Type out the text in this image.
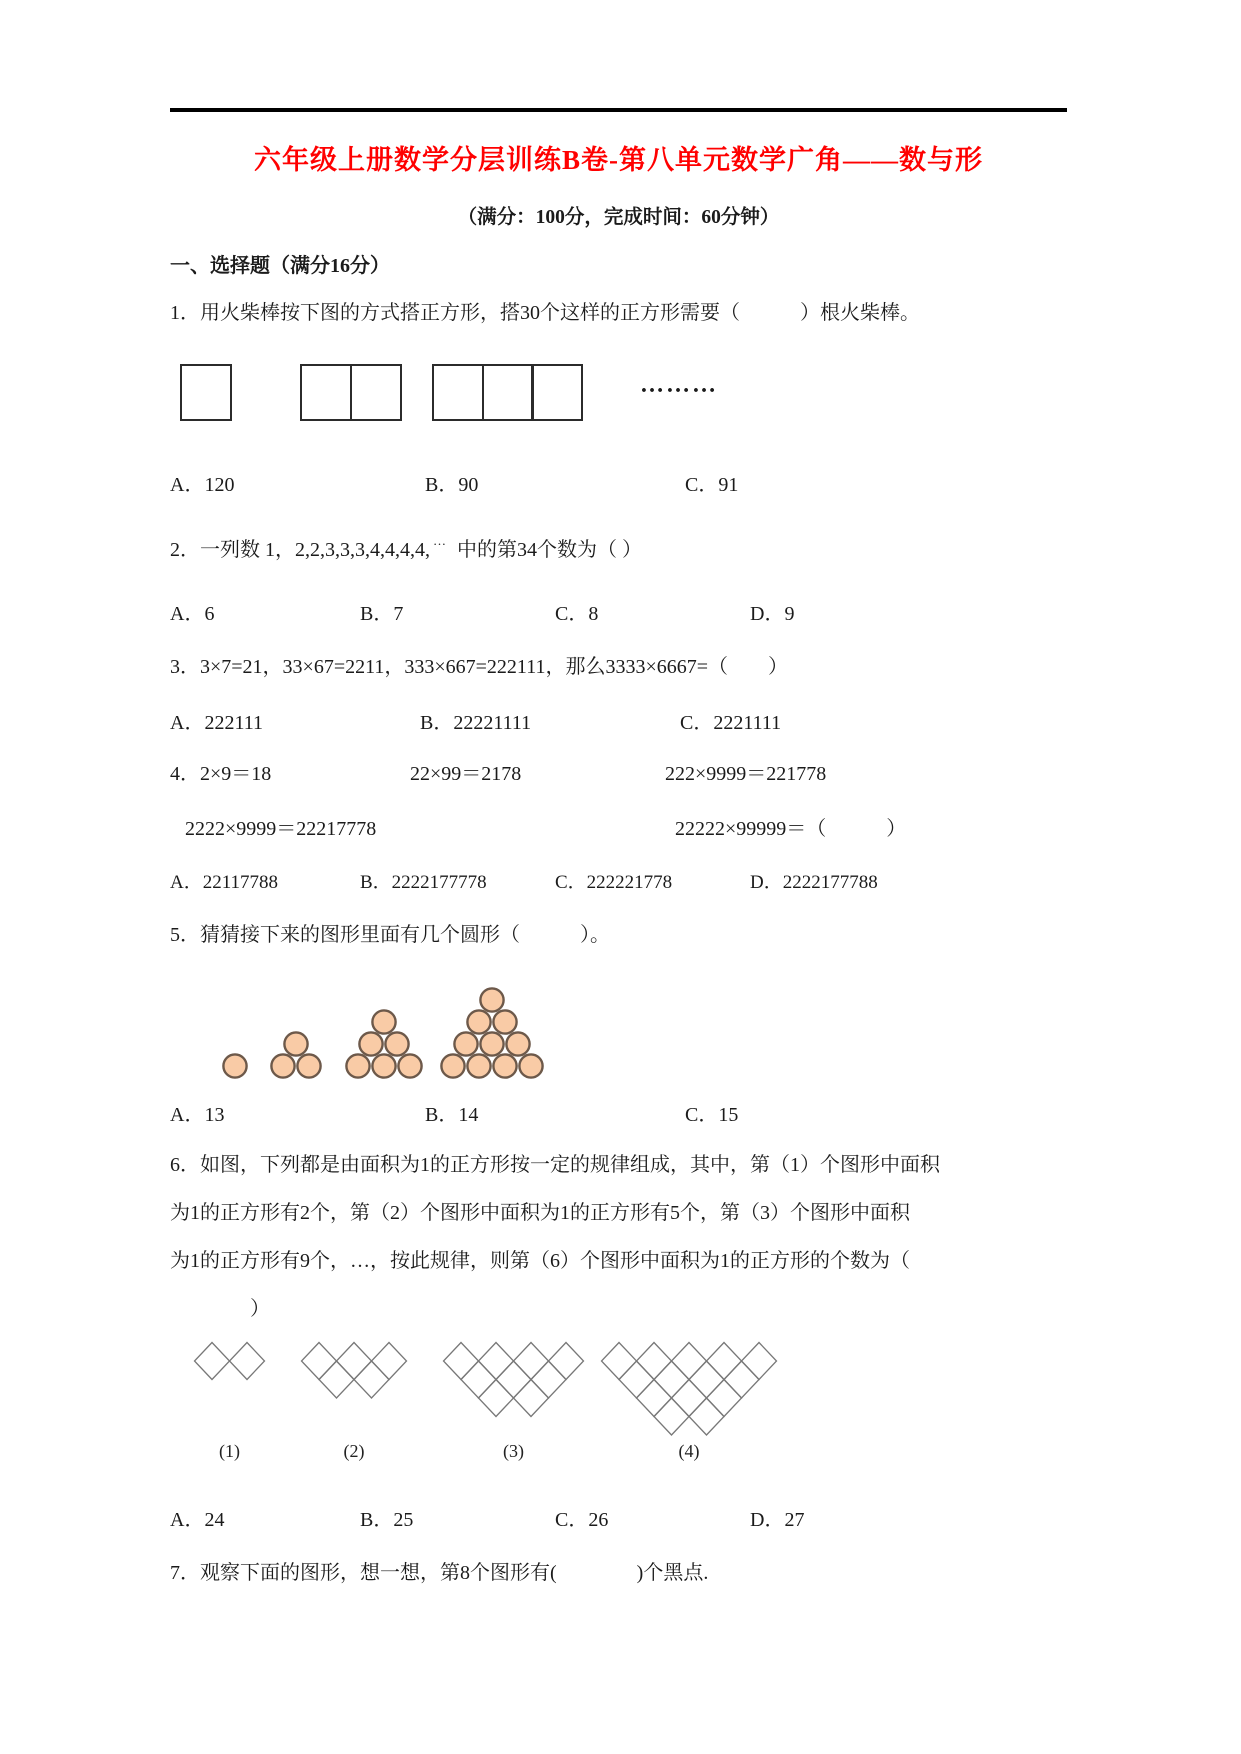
六年级上册数学分层训练B卷-第八单元数学广角——数与形
（满分：100分，完成时间：60分钟）
一、选择题（满分16分）
1．用火柴棒按下图的方式搭正方形，搭30个这样的正方形需要（　　　）根火柴棒。
………
A．120	B．90	C．91
2．一列数 1，2,2,3,3,3,4,4,4,4, … 中的第34个数为（ ）
A．6	B．7	C．8	D．9
3．3×7=21，33×67=2211，333×667=222111，那么3333×6667=（　　）
A．222111	B．22221111	C．2221111
4．2×9＝18	22×99＝2178	222×9999＝221778
2222×9999＝22217778	22222×99999＝（　　　）
A．22117788	B．2222177778	C．222221778	D．2222177788
5．猜猜接下来的图形里面有几个圆形（　　　）。
A．13	B．14	C．15
6．如图，下列都是由面积为1的正方形按一定的规律组成，其中，第（1）个图形中面积
为1的正方形有2个，第（2）个图形中面积为1的正方形有5个，第（3）个图形中面积
为1的正方形有9个，…，按此规律，则第（6）个图形中面积为1的正方形的个数为（
　　　　）
(1)	(2)	(3)	(4)
A．24	B．25	C．26	D．27
7．观察下面的图形，想一想，第8个图形有(　　　　)个黑点.
